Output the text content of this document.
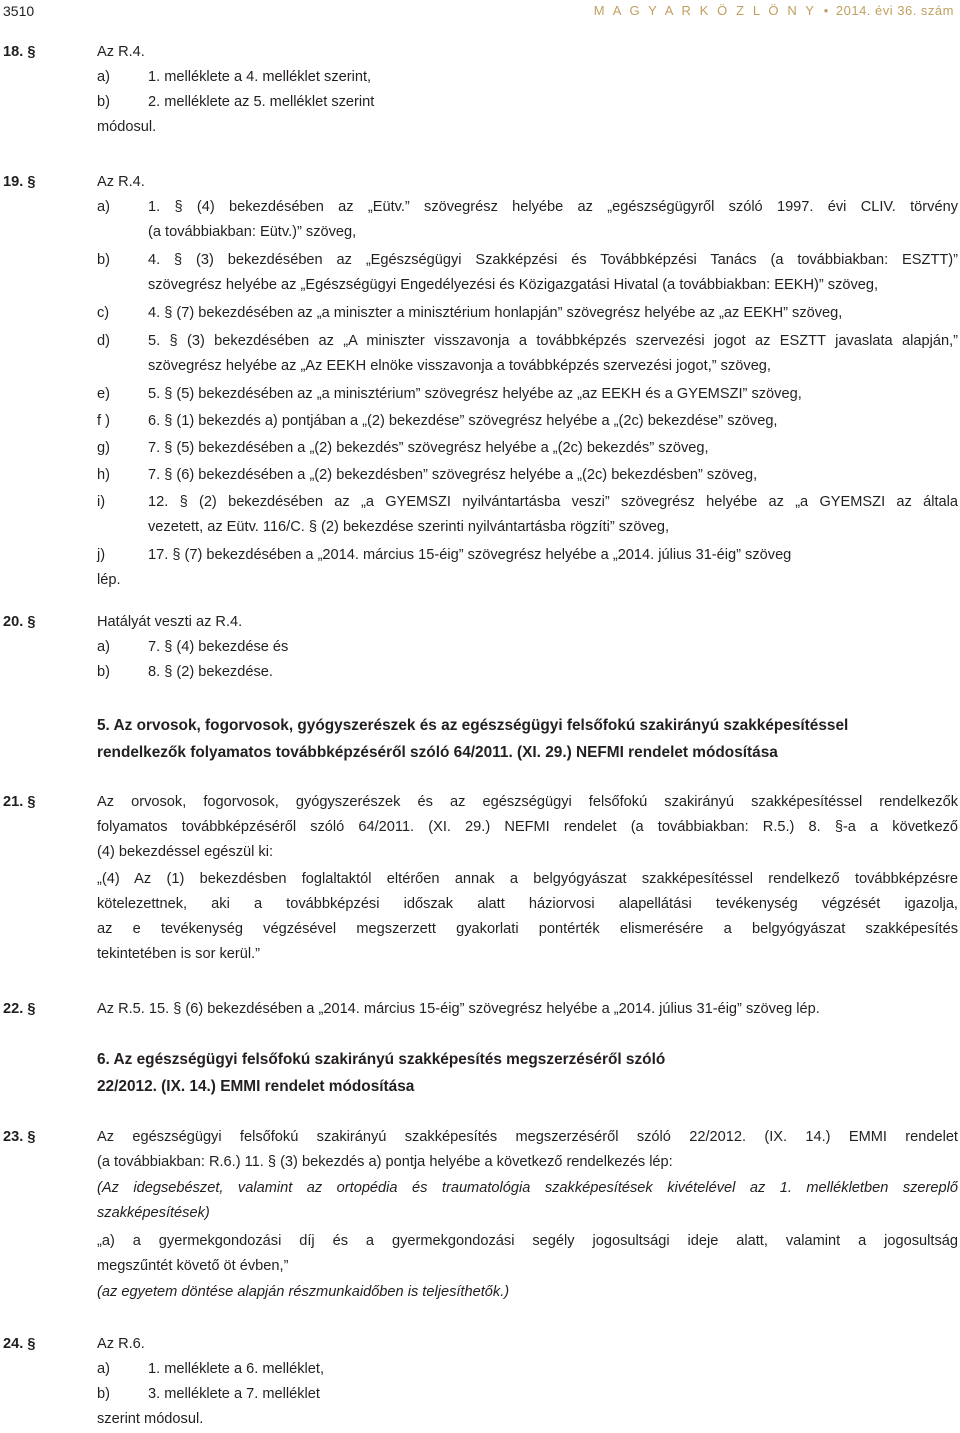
3510	M A G Y A R K Ö Z L Ö N Y • 2014. évi 36. szám
18. §	Az R.4.
a)	1. melléklete a 4. melléklet szerint,
b)	2. melléklete az 5. melléklet szerint
módosul.
19. §	Az R.4.
a)	1. § (4) bekezdésében az „Eütv.” szövegrész helyébe az „egészségügyről szóló 1997. évi CLIV. törvény
(a továbbiakban: Eütv.)” szöveg,
b)	4. § (3) bekezdésében az „Egészségügyi Szakképzési és Továbbképzési Tanács (a továbbiakban: ESZTT)”
szövegrész helyébe az „Egészségügyi Engedélyezési és Közigazgatási Hivatal (a továbbiakban: EEKH)” szöveg,
c)	4. § (7) bekezdésében az „a miniszter a minisztérium honlapján” szövegrész helyébe az „az EEKH” szöveg,
d)	5. § (3) bekezdésében az „A miniszter visszavonja a továbbképzés szervezési jogot az ESZTT javaslata alapján,”
szövegrész helyébe az „Az EEKH elnöke visszavonja a továbbképzés szervezési jogot,” szöveg,
e)	5. § (5) bekezdésében az „a minisztérium” szövegrész helyébe az „az EEKH és a GYEMSZI” szöveg,
f )	6. § (1) bekezdés a) pontjában a „(2) bekezdése” szövegrész helyébe a „(2c) bekezdése” szöveg,
g)	7. § (5) bekezdésében a „(2) bekezdés” szövegrész helyébe a „(2c) bekezdés” szöveg,
h)	7. § (6) bekezdésében a „(2) bekezdésben” szövegrész helyébe a „(2c) bekezdésben” szöveg,
i)	12. § (2) bekezdésében az „a GYEMSZI nyilvántartásba veszi” szövegrész helyébe az „a GYEMSZI az általa
vezetett, az Eütv. 116/C. § (2) bekezdése szerinti nyilvántartásba rögzíti” szöveg,
j)	17. § (7) bekezdésében a „2014. március 15-éig” szövegrész helyébe a „2014. július 31-éig” szöveg
lép.
20. §	Hatályát veszti az R.4.
a)	7. § (4) bekezdése és
b)	8. § (2) bekezdése.
5. Az orvosok, fogorvosok, gyógyszerészek és az egészségügyi felsőfokú szakirányú szakképesítéssel
rendelkezők folyamatos továbbképzéséről szóló 64/2011. (XI. 29.) NEFMI rendelet módosítása
21. §	Az orvosok, fogorvosok, gyógyszerészek és az egészségügyi felsőfokú szakirányú szakképesítéssel rendelkezők
folyamatos továbbképzéséről szóló 64/2011. (XI. 29.) NEFMI rendelet (a továbbiakban: R.5.) 8. §-a a következő
(4) bekezdéssel egészül ki:
„(4) Az (1) bekezdésben foglaltaktól eltérően annak a belgyógyászat szakképesítéssel rendelkező továbbképzésre
kötelezettnek, aki a továbbképzési időszak alatt háziorvosi alapellátási tevékenység végzését igazolja,
az e tevékenység végzésével megszerzett gyakorlati pontérték elismerésére a belgyógyászat szakképesítés
tekintetében is sor kerül.”
22. §	Az R.5. 15. § (6) bekezdésében a „2014. március 15-éig” szövegrész helyébe a „2014. július 31-éig” szöveg lép.
6. Az egészségügyi felsőfokú szakirányú szakképesítés megszerzéséről szóló
22/2012. (IX. 14.) EMMI rendelet módosítása
23. §	Az egészségügyi felsőfokú szakirányú szakképesítés megszerzéséről szóló 22/2012. (IX. 14.) EMMI rendelet
(a továbbiakban: R.6.) 11. § (3) bekezdés a) pontja helyébe a következő rendelkezés lép:
(Az idegsebészet, valamint az ortopédia és traumatológia szakképesítések kivételével az 1. mellékletben szereplő
szakképesítések)
„a) a gyermekgondozási díj és a gyermekgondozási segély jogosultsági ideje alatt, valamint a jogosultság
megszűntét követő öt évben,”
(az egyetem döntése alapján részmunkaidőben is teljesíthetők.)
24. §	Az R.6.
a)	1. melléklete a 6. melléklet,
b)	3. melléklete a 7. melléklet
szerint módosul.
